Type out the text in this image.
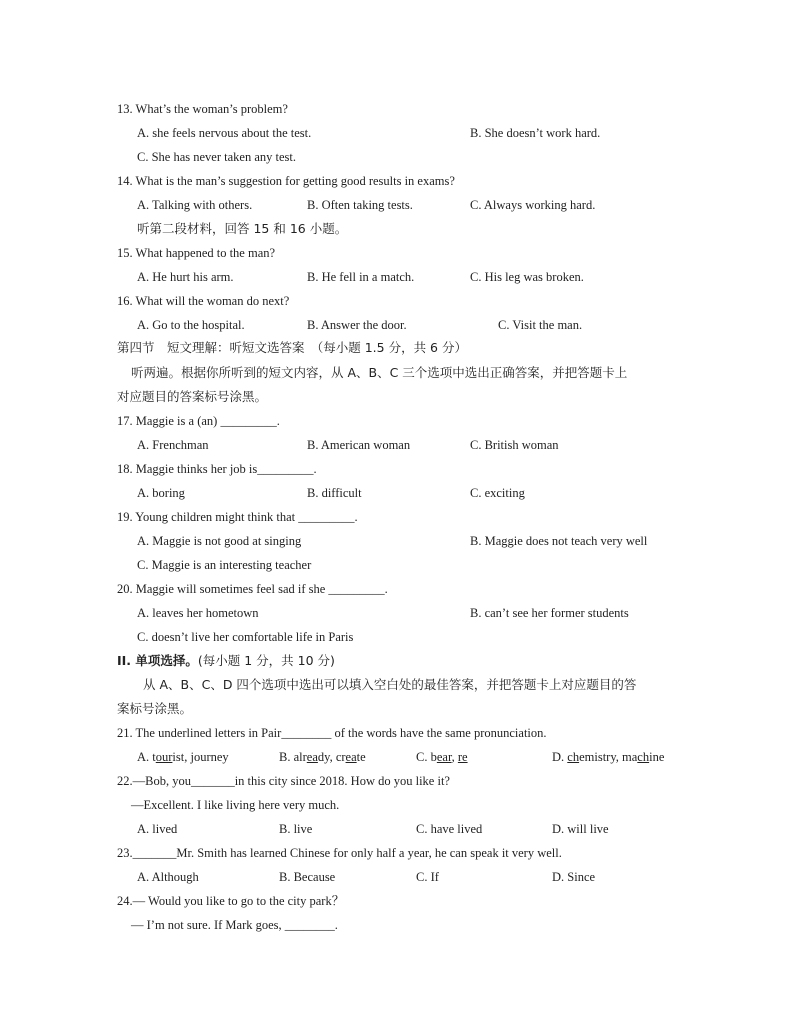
13. What’s the woman’s problem?
A. she feels nervous about the test.	B. She doesn’t work hard.
C. She has never taken any test.
14. What is the man’s suggestion for getting good results in exams?
A. Talking with others.	B. Often taking tests.	C. Always working hard.
听第二段材料，回答 15 和 16 小题。
15. What happened to the man?
A. He hurt his arm.	B. He fell in a match.	C. His leg was broken.
16. What will the woman do next?
A. Go to the hospital.	B. Answer the door.	C. Visit the man.
第四节　短文理解：听短文选答案　（每小题 1.5 分，共 6 分）
听两遍。根据你所听到的短文内容，从 A、B、C 三个选项中选出正确答案，并把答题卡上
对应题目的答案标号涂黑。
17. Maggie is a (an) _________.
A. Frenchman	B. American woman	C. British woman
18. Maggie thinks her job is_________.
A. boring	B. difficult	C. exciting
19. Young children might think that _________.
A. Maggie is not good at singing	B. Maggie does not teach very well
C. Maggie is an interesting teacher
20. Maggie will sometimes feel sad if she _________.
A. leaves her hometown	B. can’t see her former students
C. doesn’t live her comfortable life in Paris
II. 单项选择。(每小题 1 分，共 10 分)
从 A、B、C、D 四个选项中选出可以填入空白处的最佳答案，并把答题卡上对应题目的答
案标号涂黑。
21. The underlined letters in Pair________ of the words have the same pronunciation.
A. tourist, journey	B. already, create	C. bear, re	D. chemistry, machine
22.—Bob, you_______in this city since 2018. How do you like it?
—Excellent. I like living here very much.
A. lived	B. live	C. have lived	D. will live
23._______Mr. Smith has learned Chinese for only half a year, he can speak it very well.
A. Although	B. Because	C. If	D. Since
24.— Would you like to go to the city park？
— I’m not sure. If Mark goes, ________.
